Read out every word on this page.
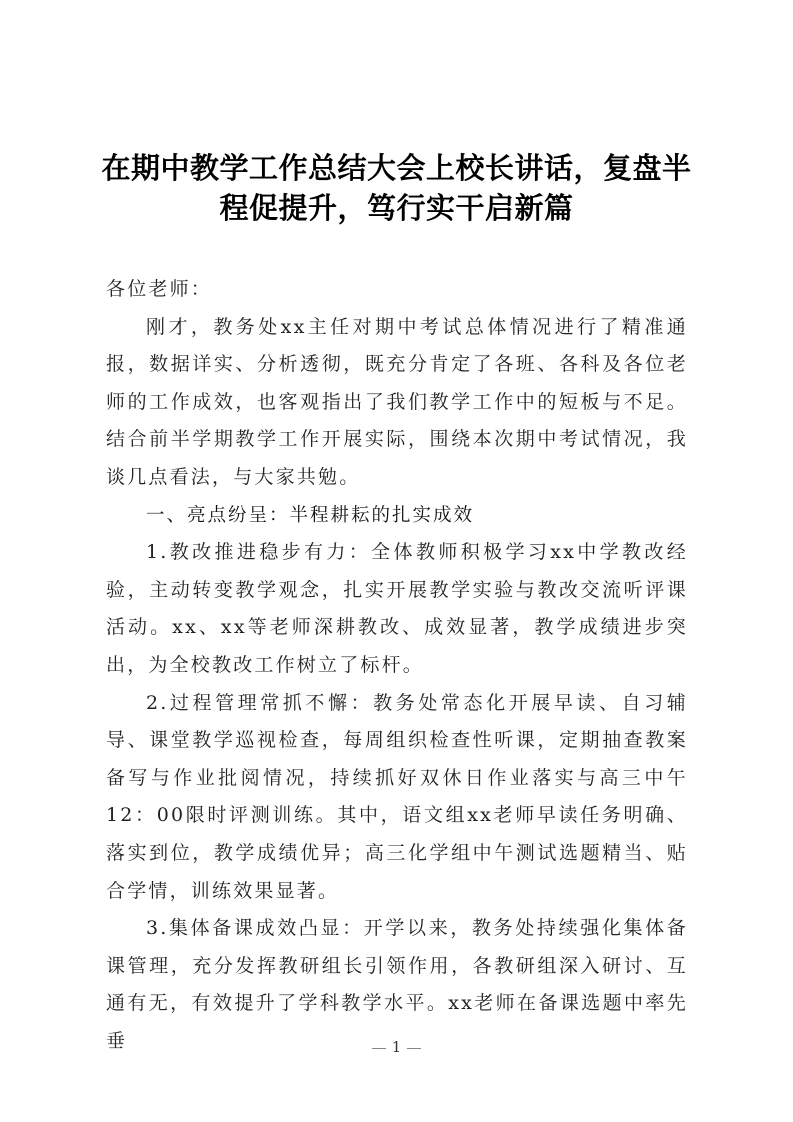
在期中教学工作总结大会上校长讲话，复盘半程促提升，笃行实干启新篇

各位老师：

刚才，教务处xx主任对期中考试总体情况进行了精准通报，数据详实、分析透彻，既充分肯定了各班、各科及各位老师的工作成效，也客观指出了我们教学工作中的短板与不足。结合前半学期教学工作开展实际，围绕本次期中考试情况，我谈几点看法，与大家共勉。

一、亮点纷呈：半程耕耘的扎实成效

1.教改推进稳步有力：全体教师积极学习xx中学教改经验，主动转变教学观念，扎实开展教学实验与教改交流听评课活动。xx、xx等老师深耕教改、成效显著，教学成绩进步突出，为全校教改工作树立了标杆。

2.过程管理常抓不懈：教务处常态化开展早读、自习辅导、课堂教学巡视检查，每周组织检查性听课，定期抽查教案备写与作业批阅情况，持续抓好双休日作业落实与高三中午12：00限时评测训练。其中，语文组xx老师早读任务明确、落实到位，教学成绩优异；高三化学组中午测试选题精当、贴合学情，训练效果显著。

3.集体备课成效凸显：开学以来，教务处持续强化集体备课管理，充分发挥教研组长引领作用，各教研组深入研讨、互通有无，有效提升了学科教学水平。xx老师在备课选题中率先垂	1
